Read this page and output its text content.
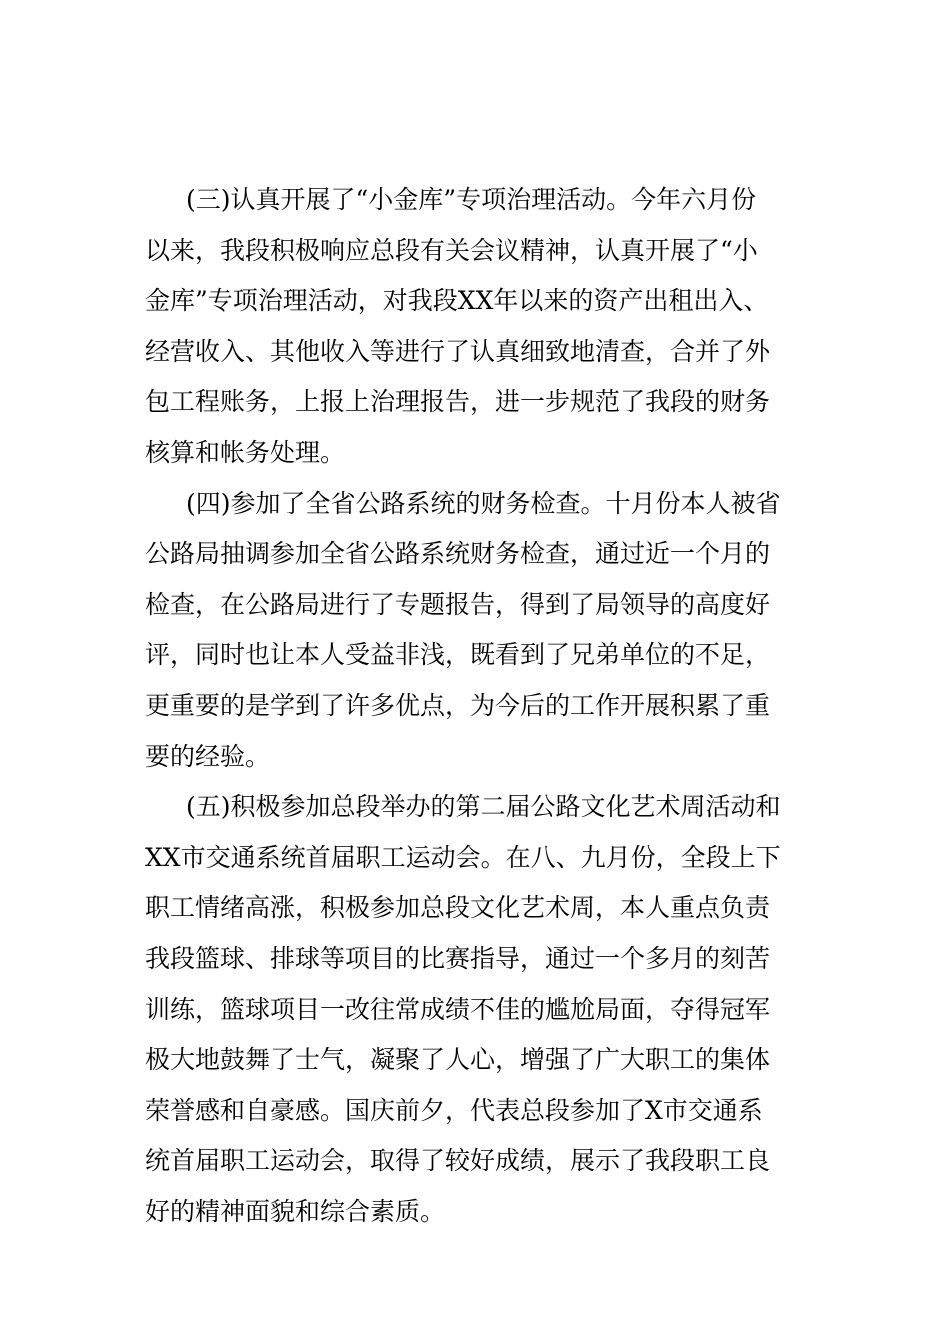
(三)认真开展了“小金库”专项治理活动。今年六月份
以来，我段积极响应总段有关会议精神，认真开展了“小
金库”专项治理活动，对我段XX年以来的资产出租出入、
经营收入、其他收入等进行了认真细致地清查，合并了外
包工程账务，上报上治理报告，进一步规范了我段的财务
核算和帐务处理。

(四)参加了全省公路系统的财务检查。十月份本人被省
公路局抽调参加全省公路系统财务检查，通过近一个月的
检查，在公路局进行了专题报告，得到了局领导的高度好
评，同时也让本人受益非浅，既看到了兄弟单位的不足，
更重要的是学到了许多优点，为今后的工作开展积累了重
要的经验。

(五)积极参加总段举办的第二届公路文化艺术周活动和
XX市交通系统首届职工运动会。在八、九月份，全段上下
职工情绪高涨，积极参加总段文化艺术周，本人重点负责
我段篮球、排球等项目的比赛指导，通过一个多月的刻苦
训练，篮球项目一改往常成绩不佳的尴尬局面，夺得冠军
极大地鼓舞了士气，凝聚了人心，增强了广大职工的集体
荣誉感和自豪感。国庆前夕，代表总段参加了X市交通系
统首届职工运动会，取得了较好成绩，展示了我段职工良
好的精神面貌和综合素质。
